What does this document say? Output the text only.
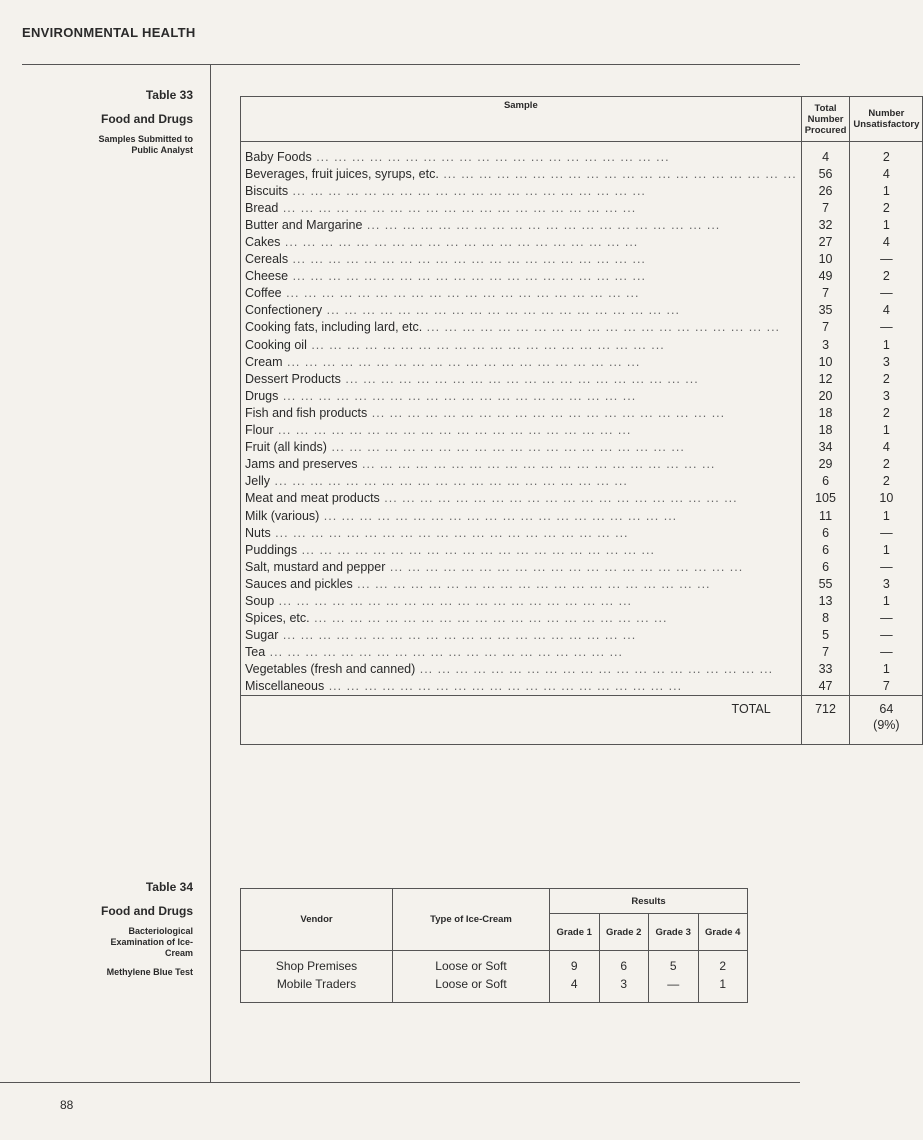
ENVIRONMENTAL HEALTH
Table 33
Food and Drugs
Samples Submitted to Public Analyst
Sample	Total Number Procured	Number Unsatisfactory
Baby Foods ... ... ... ... ... ... ... ... ... ... ... ... ... ... ... ... ... ... ... ...	4	2
Beverages, fruit juices, syrups, etc. ... ... ... ... ... ... ... ... ... ... ... ... ... ... ... ... ... ... ... ...	56	4
Biscuits ... ... ... ... ... ... ... ... ... ... ... ... ... ... ... ... ... ... ... ...	26	1
Bread ... ... ... ... ... ... ... ... ... ... ... ... ... ... ... ... ... ... ... ...	7	2
Butter and Margarine ... ... ... ... ... ... ... ... ... ... ... ... ... ... ... ... ... ... ... ...	32	1
Cakes ... ... ... ... ... ... ... ... ... ... ... ... ... ... ... ... ... ... ... ...	27	4
Cereals ... ... ... ... ... ... ... ... ... ... ... ... ... ... ... ... ... ... ... ...	10	—
Cheese ... ... ... ... ... ... ... ... ... ... ... ... ... ... ... ... ... ... ... ...	49	2
Coffee ... ... ... ... ... ... ... ... ... ... ... ... ... ... ... ... ... ... ... ...	7	—
Confectionery ... ... ... ... ... ... ... ... ... ... ... ... ... ... ... ... ... ... ... ...	35	4
Cooking fats, including lard, etc. ... ... ... ... ... ... ... ... ... ... ... ... ... ... ... ... ... ... ... ...	7	—
Cooking oil ... ... ... ... ... ... ... ... ... ... ... ... ... ... ... ... ... ... ... ...	3	1
Cream ... ... ... ... ... ... ... ... ... ... ... ... ... ... ... ... ... ... ... ...	10	3
Dessert Products ... ... ... ... ... ... ... ... ... ... ... ... ... ... ... ... ... ... ... ...	12	2
Drugs ... ... ... ... ... ... ... ... ... ... ... ... ... ... ... ... ... ... ... ...	20	3
Fish and fish products ... ... ... ... ... ... ... ... ... ... ... ... ... ... ... ... ... ... ... ...	18	2
Flour ... ... ... ... ... ... ... ... ... ... ... ... ... ... ... ... ... ... ... ...	18	1
Fruit (all kinds) ... ... ... ... ... ... ... ... ... ... ... ... ... ... ... ... ... ... ... ...	34	4
Jams and preserves ... ... ... ... ... ... ... ... ... ... ... ... ... ... ... ... ... ... ... ...	29	2
Jelly ... ... ... ... ... ... ... ... ... ... ... ... ... ... ... ... ... ... ... ...	6	2
Meat and meat products ... ... ... ... ... ... ... ... ... ... ... ... ... ... ... ... ... ... ... ...	105	10
Milk (various) ... ... ... ... ... ... ... ... ... ... ... ... ... ... ... ... ... ... ... ...	11	1
Nuts ... ... ... ... ... ... ... ... ... ... ... ... ... ... ... ... ... ... ... ...	6	—
Puddings ... ... ... ... ... ... ... ... ... ... ... ... ... ... ... ... ... ... ... ...	6	1
Salt, mustard and pepper ... ... ... ... ... ... ... ... ... ... ... ... ... ... ... ... ... ... ... ...	6	—
Sauces and pickles ... ... ... ... ... ... ... ... ... ... ... ... ... ... ... ... ... ... ... ...	55	3
Soup ... ... ... ... ... ... ... ... ... ... ... ... ... ... ... ... ... ... ... ...	13	1
Spices, etc. ... ... ... ... ... ... ... ... ... ... ... ... ... ... ... ... ... ... ... ...	8	—
Sugar ... ... ... ... ... ... ... ... ... ... ... ... ... ... ... ... ... ... ... ...	5	—
Tea ... ... ... ... ... ... ... ... ... ... ... ... ... ... ... ... ... ... ... ...	7	—
Vegetables (fresh and canned) ... ... ... ... ... ... ... ... ... ... ... ... ... ... ... ... ... ... ... ...	33	1
Miscellaneous ... ... ... ... ... ... ... ... ... ... ... ... ... ... ... ... ... ... ... ...	47	7
TOTAL	712	64
(9%)
Table 34
Food and Drugs
Bacteriological Examination of Ice-Cream
Methylene Blue Test
Vendor	Type of Ice-Cream	Results			
		Grade 1	Grade 2	Grade 3	Grade 4
Shop Premises	Loose or Soft	9	6	5	2
Mobile Traders	Loose or Soft	4	3	—	1
88
